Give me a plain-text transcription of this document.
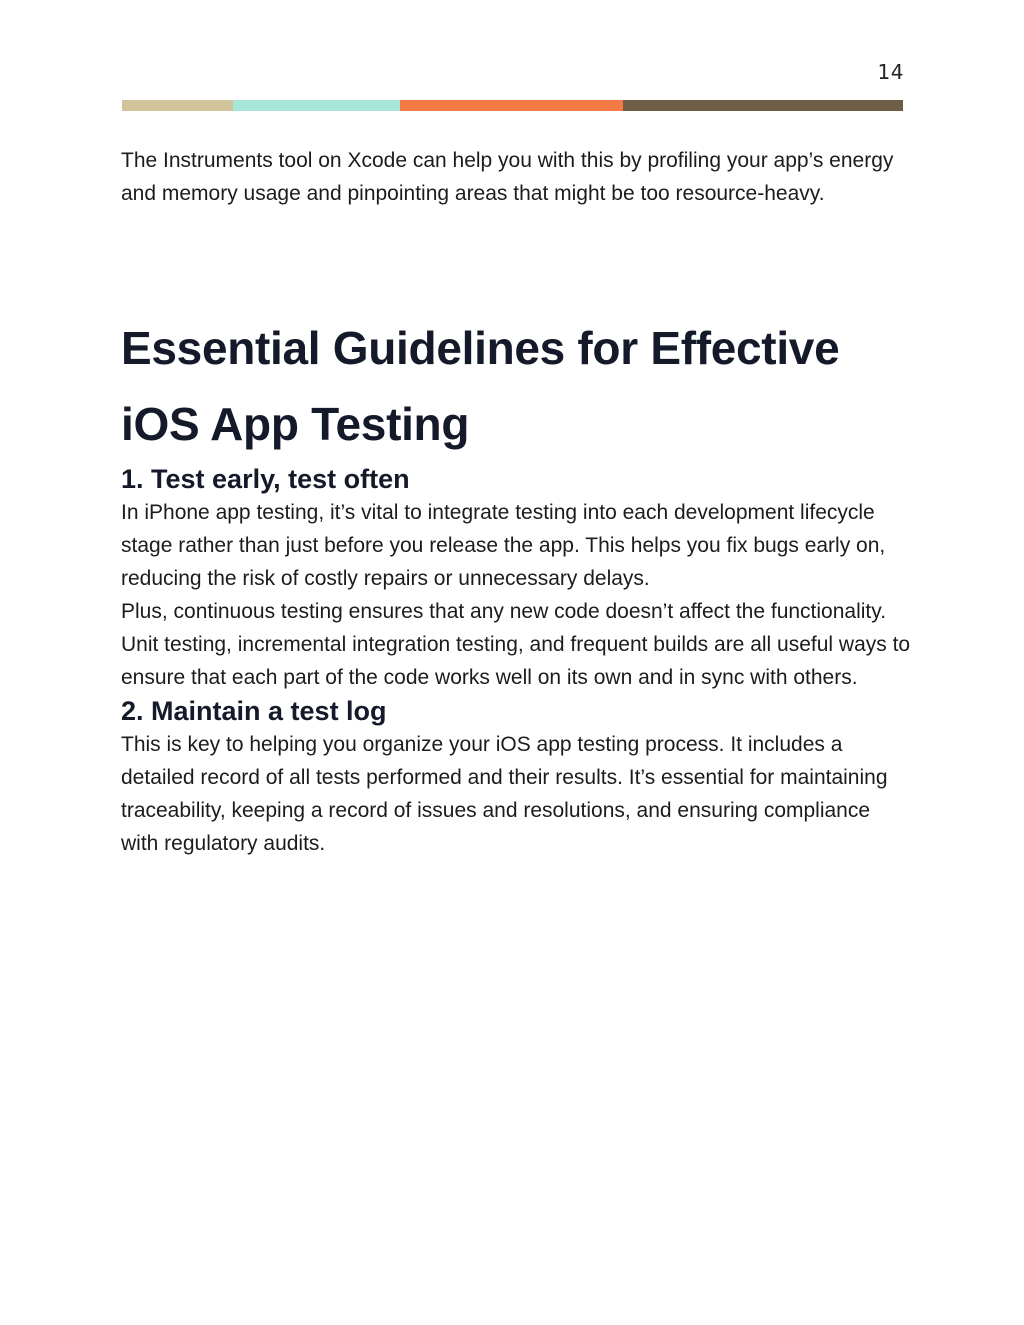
14

The Instruments tool on Xcode can help you with this by profiling your app’s energy and memory usage and pinpointing areas that might be too resource-heavy.

Essential Guidelines for Effective iOS App Testing
1. Test early, test often

In iPhone app testing, it’s vital to integrate testing into each development lifecycle stage rather than just before you release the app. This helps you fix bugs early on, reducing the risk of costly repairs or unnecessary delays.

Plus, continuous testing ensures that any new code doesn’t affect the functionality. Unit testing, incremental integration testing, and frequent builds are all useful ways to ensure that each part of the code works well on its own and in sync with others.

2. Maintain a test log

This is key to helping you organize your iOS app testing process. It includes a detailed record of all tests performed and their results. It’s essential for maintaining traceability, keeping a record of issues and resolutions, and ensuring compliance with regulatory audits.
